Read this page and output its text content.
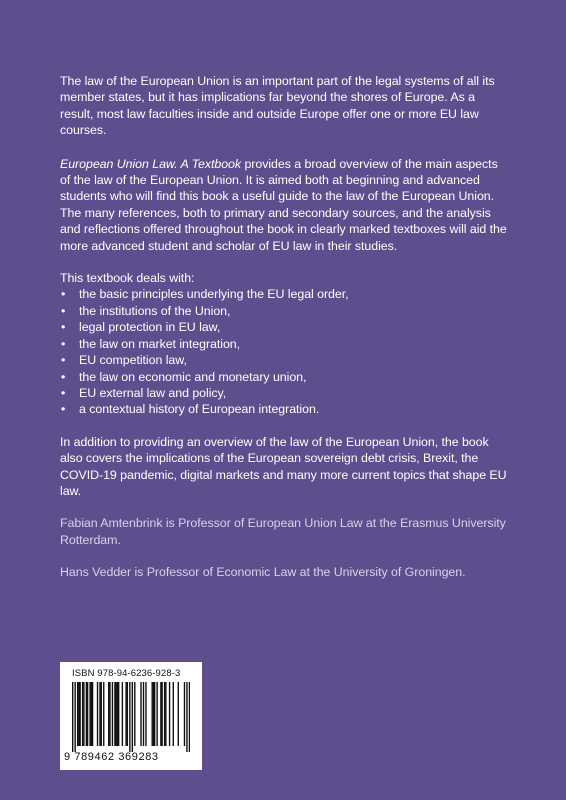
The law of the European Union is an important part of the legal systems of all its member states, but it has implications far beyond the shores of Europe. As a result, most law faculties inside and outside Europe offer one or more EU law courses.

European Union Law. A Textbook provides a broad overview of the main aspects of the law of the European Union. It is aimed both at beginning and advanced students who will find this book a useful guide to the law of the European Union. The many references, both to primary and secondary sources, and the analysis and reflections offered throughout the book in clearly marked textboxes will aid the more advanced student and scholar of EU law in their studies.

This textbook deals with:

• the basic principles underlying the EU legal order,
• the institutions of the Union,
• legal protection in EU law,
• the law on market integration,
• EU competition law,
• the law on economic and monetary union,
• EU external law and policy,
• a contextual history of European integration.

In addition to providing an overview of the law of the European Union, the book also covers the implications of the European sovereign debt crisis, Brexit, the COVID-19 pandemic, digital markets and many more current topics that shape EU law.

Fabian Amtenbrink is Professor of European Union Law at the Erasmus University Rotterdam.

Hans Vedder is Professor of Economic Law at the University of Groningen.

ISBN 978-94-6236-928-3
9 789462 369283
